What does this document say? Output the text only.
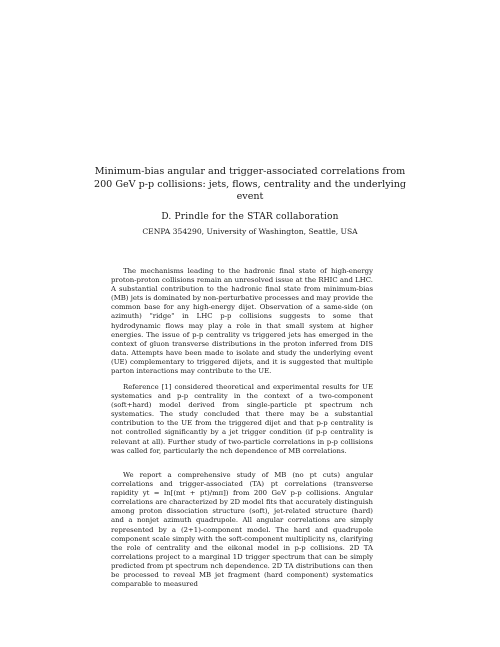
Minimum-bias angular and trigger-associated correlations from 200 GeV p-p collisions: jets, flows, centrality and the underlying event
D. Prindle for the STAR collaboration
CENPA 354290, University of Washington, Seattle, USA

The mechanisms leading to the hadronic final state of high-energy proton-proton collisions remain an unresolved issue at the RHIC and LHC. A substantial contribution to the hadronic final state from minimum-bias (MB) jets is dominated by non-perturbative processes and may provide the common base for any high-energy dijet. Observation of a same-side (on azimuth) "ridge" in LHC p-p collisions suggests to some that hydrodynamic flows may play a role in that small system at higher energies. The issue of p-p centrality vs triggered jets has emerged in the context of gluon transverse distributions in the proton inferred from DIS data. Attempts have been made to isolate and study the underlying event (UE) complementary to triggered dijets, and it is suggested that multiple parton interactions may contribute to the UE.

Reference [1] considered theoretical and experimental results for UE systematics and p-p centrality in the context of a two-component (soft+hard) model derived from single-particle pt spectrum nch systematics. The study concluded that there may be a substantial contribution to the UE from the triggered dijet and that p-p centrality is not controlled significantly by a jet trigger condition (if p-p centrality is relevant at all). Further study of two-particle correlations in p-p collisions was called for, particularly the nch dependence of MB correlations.

We report a comprehensive study of MB (no pt cuts) angular correlations and trigger-associated (TA) pt correlations (transverse rapidity yt = ln[(mt + pt)/mπ]) from 200 GeV p-p collisions. Angular correlations are characterized by 2D model fits that accurately distinguish among proton dissociation structure (soft), jet-related structure (hard) and a nonjet azimuth quadrupole. All angular correlations are simply represented by a (2+1)-component model. The hard and quadrupole component scale simply with the soft-component multiplicity ns, clarifying the role of centrality and the eikonal model in p-p collisions. 2D TA correlations project to a marginal 1D trigger spectrum that can be simply predicted from pt spectrum nch dependence. 2D TA distributions can then be processed to reveal MB jet fragment (hard component) systematics comparable to measured
